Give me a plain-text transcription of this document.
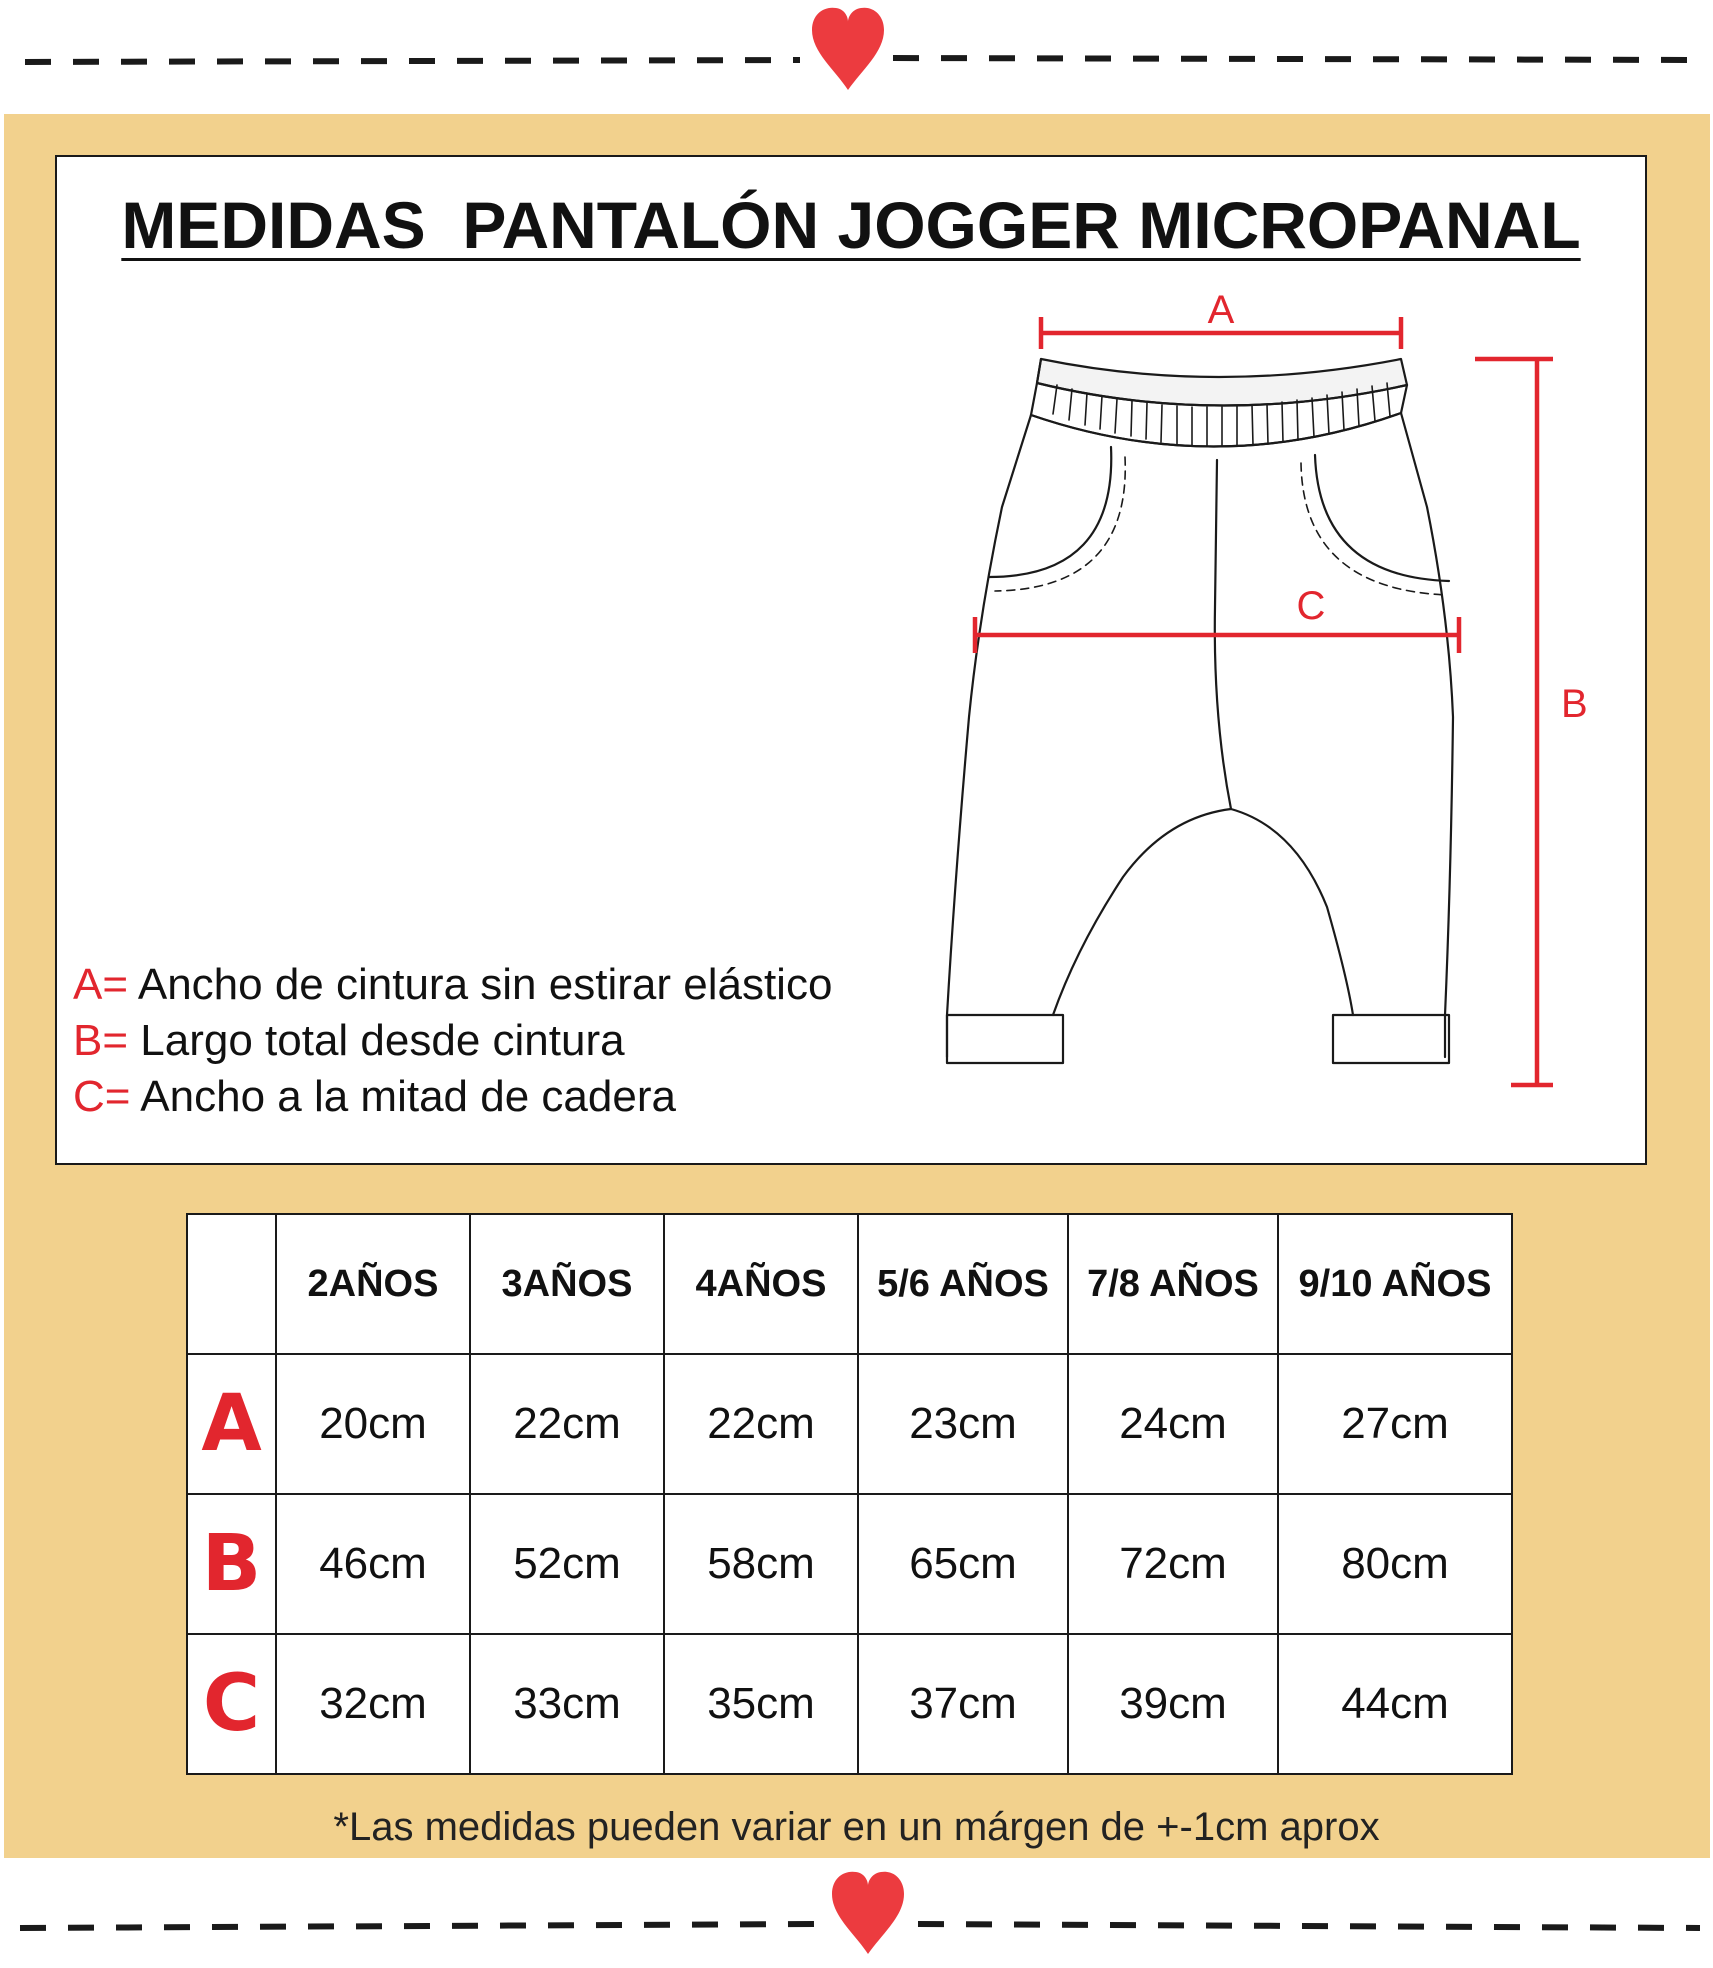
MEDIDAS  PANTALÓN JOGGER MICROPANAL
A
C
B
A= Ancho de cintura sin estirar elástico
B= Largo total desde cintura
C= Ancho a la mitad de cadera
	2AÑOS	3AÑOS	4AÑOS	5/6 AÑOS	7/8 AÑOS	9/10 AÑOS
A	20cm	22cm	22cm	23cm	24cm	27cm
B	46cm	52cm	58cm	65cm	72cm	80cm
C	32cm	33cm	35cm	37cm	39cm	44cm
*Las medidas pueden variar en un márgen de +-1cm aprox
